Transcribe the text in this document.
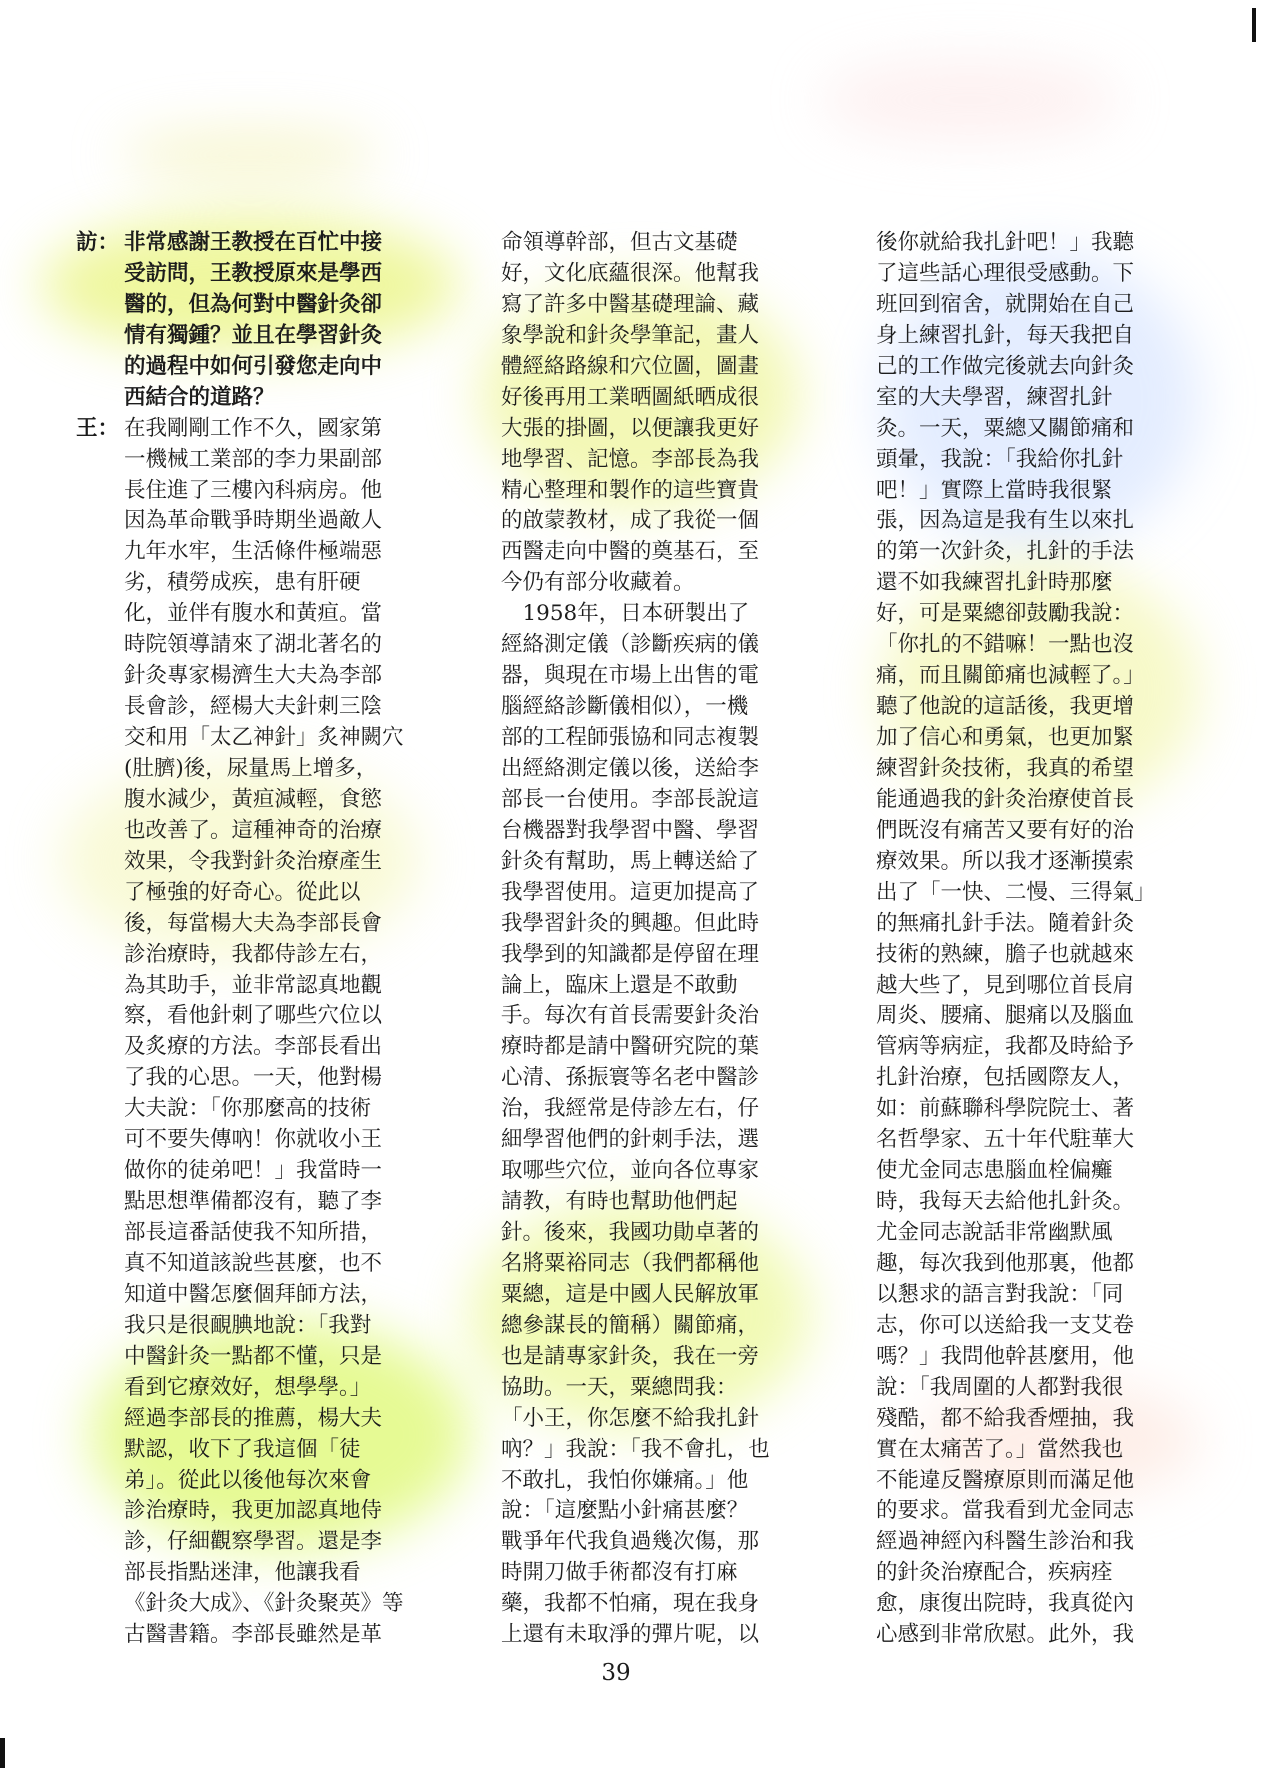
訪： 非常感謝王教授在百忙中接
受訪問，王教授原來是學西
醫的，但為何對中醫針灸卻
情有獨鍾？並且在學習針灸
的過程中如何引發您走向中
西結合的道路？
王： 在我剛剛工作不久，國家第
一機械工業部的李力果副部
長住進了三樓內科病房。他
因為革命戰爭時期坐過敵人
九年水牢，生活條件極端惡
劣，積勞成疾，患有肝硬
化，並伴有腹水和黃疸。當
時院領導請來了湖北著名的
針灸專家楊濟生大夫為李部
長會診，經楊大夫針刺三陰
交和用「太乙神針」炙神闕穴
(肚臍)後，尿量馬上增多，
腹水減少，黃疸減輕，食慾
也改善了。這種神奇的治療
效果，令我對針灸治療產生
了極強的好奇心。從此以
後，每當楊大夫為李部長會
診治療時，我都侍診左右，
為其助手，並非常認真地觀
察，看他針刺了哪些穴位以
及炙療的方法。李部長看出
了我的心思。一天，他對楊
大夫說：「你那麼高的技術
可不要失傳吶！你就收小王
做你的徒弟吧！」我當時一
點思想準備都沒有，聽了李
部長這番話使我不知所措，
真不知道該說些甚麼，也不
知道中醫怎麼個拜師方法，
我只是很靦腆地說：「我對
中醫針灸一點都不懂，只是
看到它療效好，想學學。」
經過李部長的推薦，楊大夫
默認，收下了我這個「徒
弟」。從此以後他每次來會
診治療時，我更加認真地侍
診，仔細觀察學習。還是李
部長指點迷津，他讓我看
《針灸大成》、《針灸聚英》等
古醫書籍。李部長雖然是革
命領導幹部，但古文基礎
好，文化底蘊很深。他幫我
寫了許多中醫基礎理論、藏
象學說和針灸學筆記，畫人
體經絡路線和穴位圖，圖畫
好後再用工業晒圖紙晒成很
大張的掛圖，以便讓我更好
地學習、記憶。李部長為我
精心整理和製作的這些寶貴
的啟蒙教材，成了我從一個
西醫走向中醫的奠基石，至
今仍有部分收藏着。
　1958年，日本研製出了
經絡測定儀（診斷疾病的儀
器，與現在市場上出售的電
腦經絡診斷儀相似），一機
部的工程師張協和同志複製
出經絡測定儀以後，送給李
部長一台使用。李部長說這
台機器對我學習中醫、學習
針灸有幫助，馬上轉送給了
我學習使用。這更加提高了
我學習針灸的興趣。但此時
我學到的知識都是停留在理
論上，臨床上還是不敢動
手。每次有首長需要針灸治
療時都是請中醫研究院的葉
心清、孫振寰等名老中醫診
治，我經常是侍診左右，仔
細學習他們的針刺手法，選
取哪些穴位，並向各位專家
請教，有時也幫助他們起
針。後來，我國功勛卓著的
名將粟裕同志（我們都稱他
粟總，這是中國人民解放軍
總參謀長的簡稱）關節痛，
也是請專家針灸，我在一旁
協助。一天，粟總問我：
「小王，你怎麼不給我扎針
吶？」我說：「我不會扎，也
不敢扎，我怕你嫌痛。」他
說：「這麼點小針痛甚麼？
戰爭年代我負過幾次傷，那
時開刀做手術都沒有打麻
藥，我都不怕痛，現在我身
上還有未取淨的彈片呢，以
後你就給我扎針吧！」我聽
了這些話心理很受感動。下
班回到宿舍，就開始在自己
身上練習扎針，每天我把自
己的工作做完後就去向針灸
室的大夫學習，練習扎針
灸。一天，粟總又關節痛和
頭暈，我說：「我給你扎針
吧！」實際上當時我很緊
張，因為這是我有生以來扎
的第一次針灸，扎針的手法
還不如我練習扎針時那麼
好，可是粟總卻鼓勵我說：
「你扎的不錯嘛！一點也沒
痛，而且關節痛也減輕了。」
聽了他說的這話後，我更增
加了信心和勇氣，也更加緊
練習針灸技術，我真的希望
能通過我的針灸治療使首長
們既沒有痛苦又要有好的治
療效果。所以我才逐漸摸索
出了「一快、二慢、三得氣」
的無痛扎針手法。隨着針灸
技術的熟練，膽子也就越來
越大些了，見到哪位首長肩
周炎、腰痛、腿痛以及腦血
管病等病症，我都及時給予
扎針治療，包括國際友人，
如：前蘇聯科學院院士、著
名哲學家、五十年代駐華大
使尤金同志患腦血栓偏癱
時，我每天去給他扎針灸。
尤金同志說話非常幽默風
趣，每次我到他那裏，他都
以懇求的語言對我說：「同
志，你可以送給我一支艾卷
嗎？」我問他幹甚麼用，他
說：「我周圍的人都對我很
殘酷，都不給我香煙抽，我
實在太痛苦了。」當然我也
不能違反醫療原則而滿足他
的要求。當我看到尤金同志
經過神經內科醫生診治和我
的針灸治療配合，疾病痊
愈，康復出院時，我真從內
心感到非常欣慰。此外，我
39
